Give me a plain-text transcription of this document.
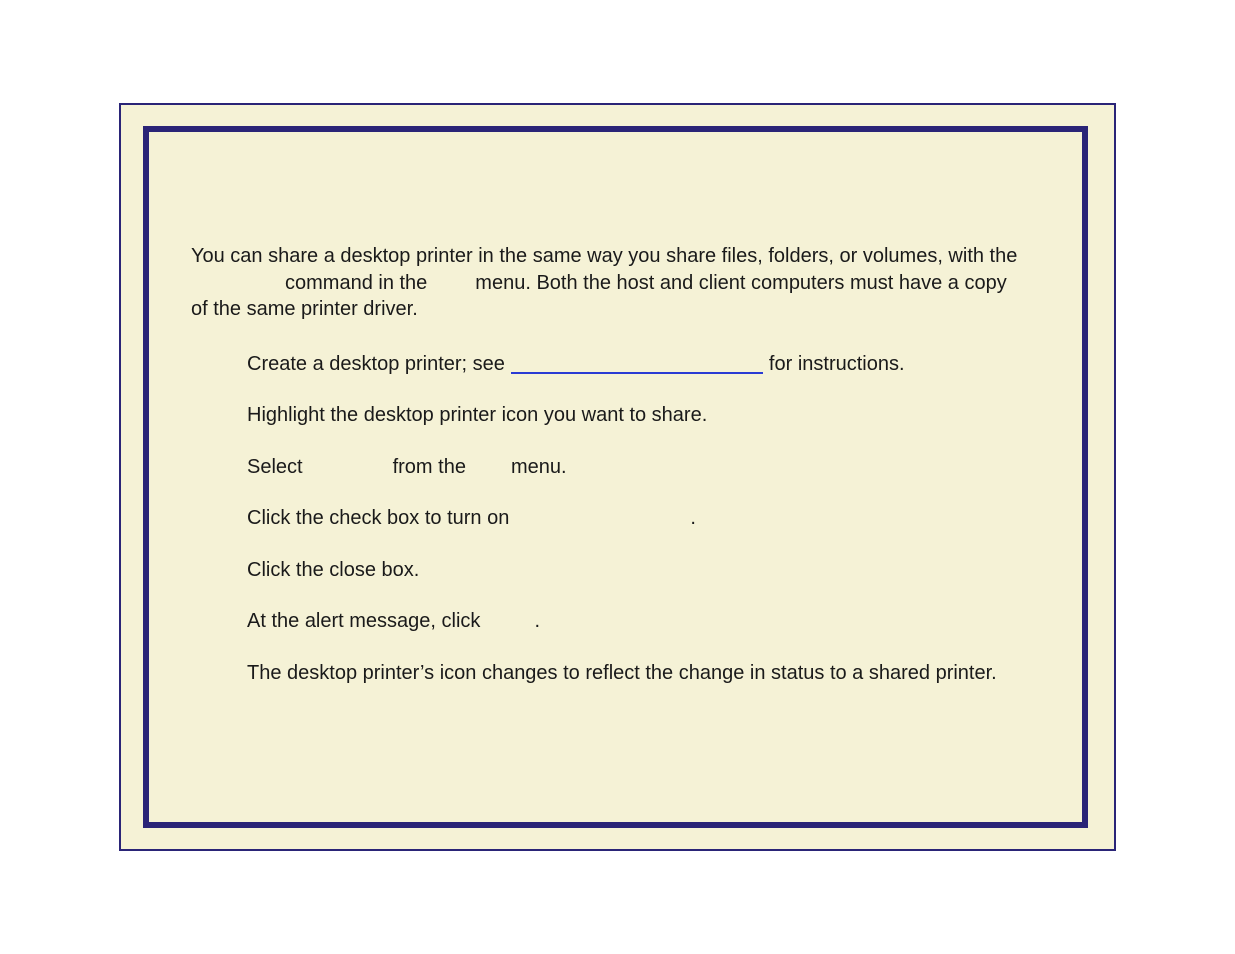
You can share a desktop printer in the same way you share files, folders, or volumes, with thecommand in the menu. Both the host and client computers must have a copy of the same printer driver.

Create a desktop printer; see	for instructions.
Highlight the desktop printer icon you want to share.
Select	from the menu.
Click the check box to turn on	.
Click the close box.
At the alert message, click	.
The desktop printer’s icon changes to reflect the change in status to a shared printer.
